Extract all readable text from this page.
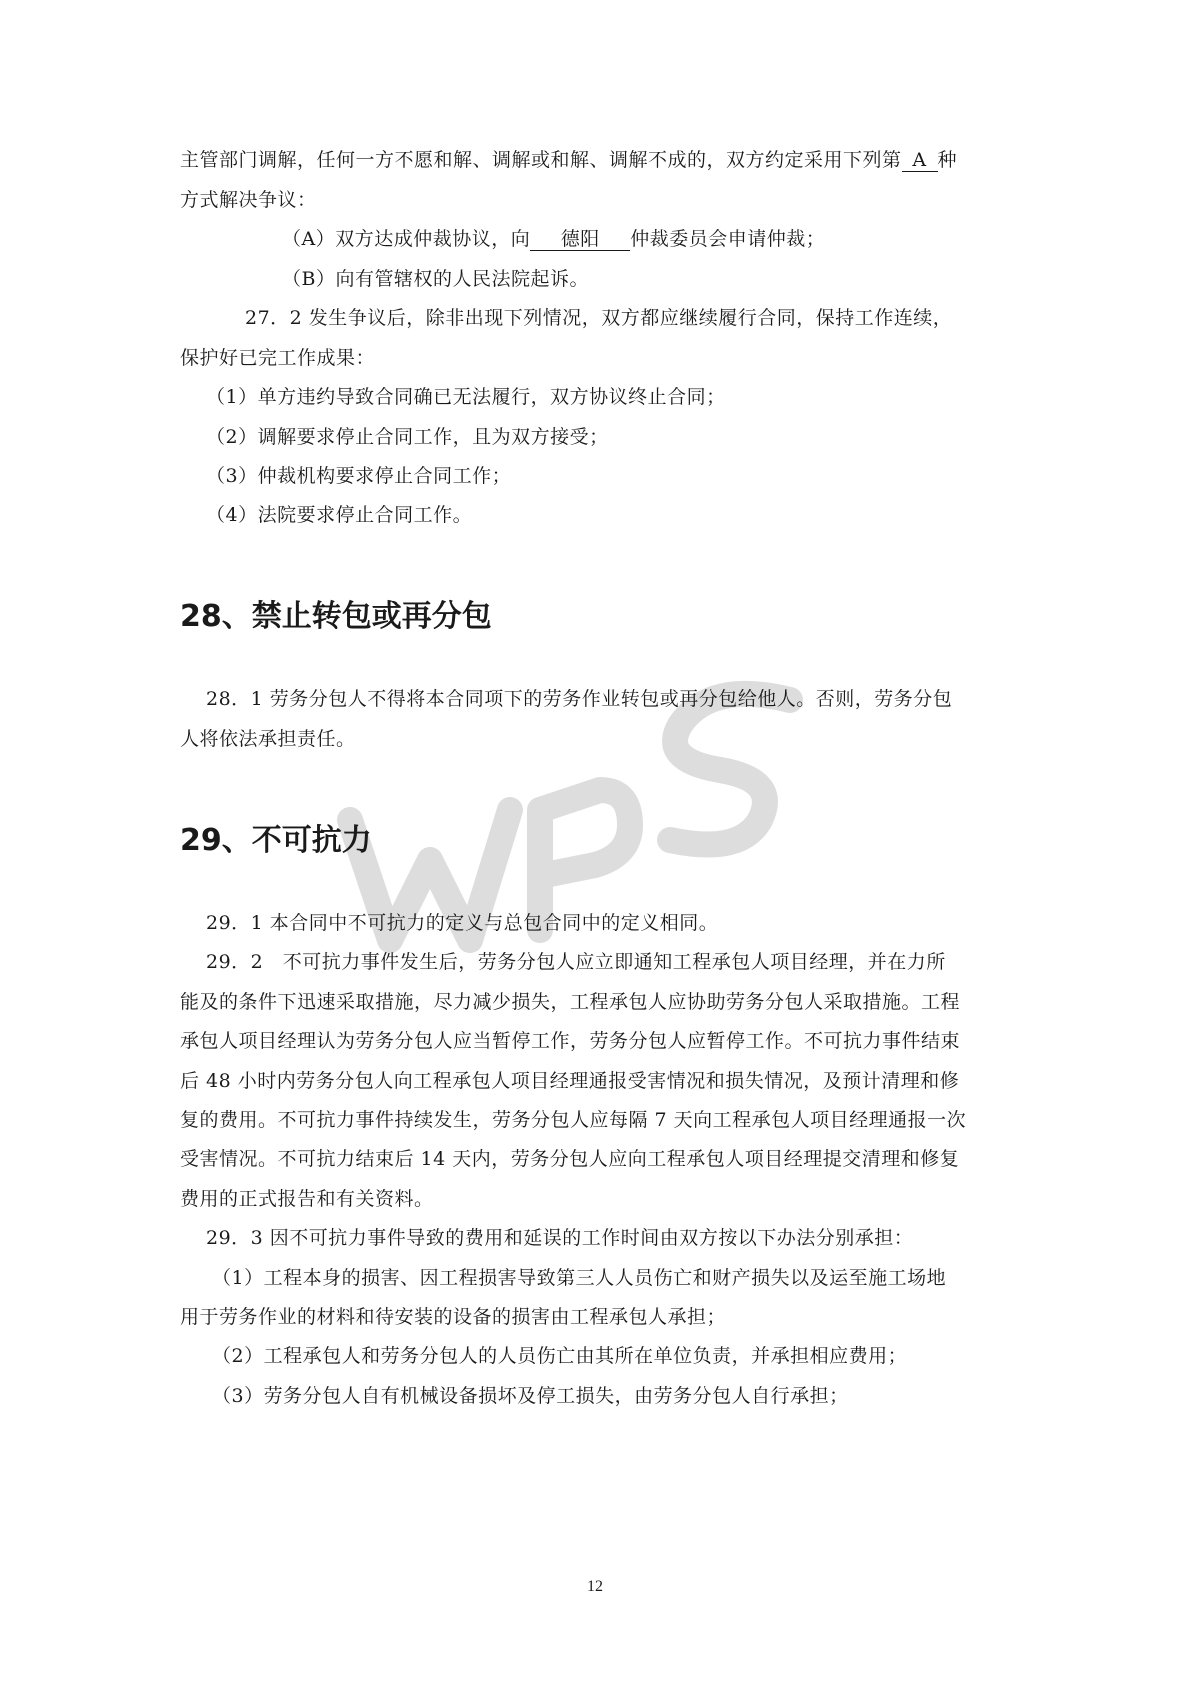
主管部门调解，任何一方不愿和解、调解或和解、调解不成的，双方约定采用下列第 A 种
方式解决争议：
（A）双方达成仲裁协议，向 德阳 仲裁委员会申请仲裁；
（B）向有管辖权的人民法院起诉。
27．2 发生争议后，除非出现下列情况，双方都应继续履行合同，保持工作连续，
保护好已完工作成果：
（1）单方违约导致合同确已无法履行，双方协议终止合同；
（2）调解要求停止合同工作，且为双方接受；
（3）仲裁机构要求停止合同工作；
（4）法院要求停止合同工作。
28、禁止转包或再分包
28．1 劳务分包人不得将本合同项下的劳务作业转包或再分包给他人。否则，劳务分包
人将依法承担责任。
29、不可抗力
29．1 本合同中不可抗力的定义与总包合同中的定义相同。
29．2　不可抗力事件发生后，劳务分包人应立即通知工程承包人项目经理，并在力所
能及的条件下迅速采取措施，尽力减少损失，工程承包人应协助劳务分包人采取措施。工程
承包人项目经理认为劳务分包人应当暂停工作，劳务分包人应暂停工作。不可抗力事件结束
后 48 小时内劳务分包人向工程承包人项目经理通报受害情况和损失情况，及预计清理和修
复的费用。不可抗力事件持续发生，劳务分包人应每隔 7 天向工程承包人项目经理通报一次
受害情况。不可抗力结束后 14 天内，劳务分包人应向工程承包人项目经理提交清理和修复
费用的正式报告和有关资料。
29．3 因不可抗力事件导致的费用和延误的工作时间由双方按以下办法分别承担：
（1）工程本身的损害、因工程损害导致第三人人员伤亡和财产损失以及运至施工场地
用于劳务作业的材料和待安装的设备的损害由工程承包人承担；
（2）工程承包人和劳务分包人的人员伤亡由其所在单位负责，并承担相应费用；
（3）劳务分包人自有机械设备损坏及停工损失，由劳务分包人自行承担；
12
